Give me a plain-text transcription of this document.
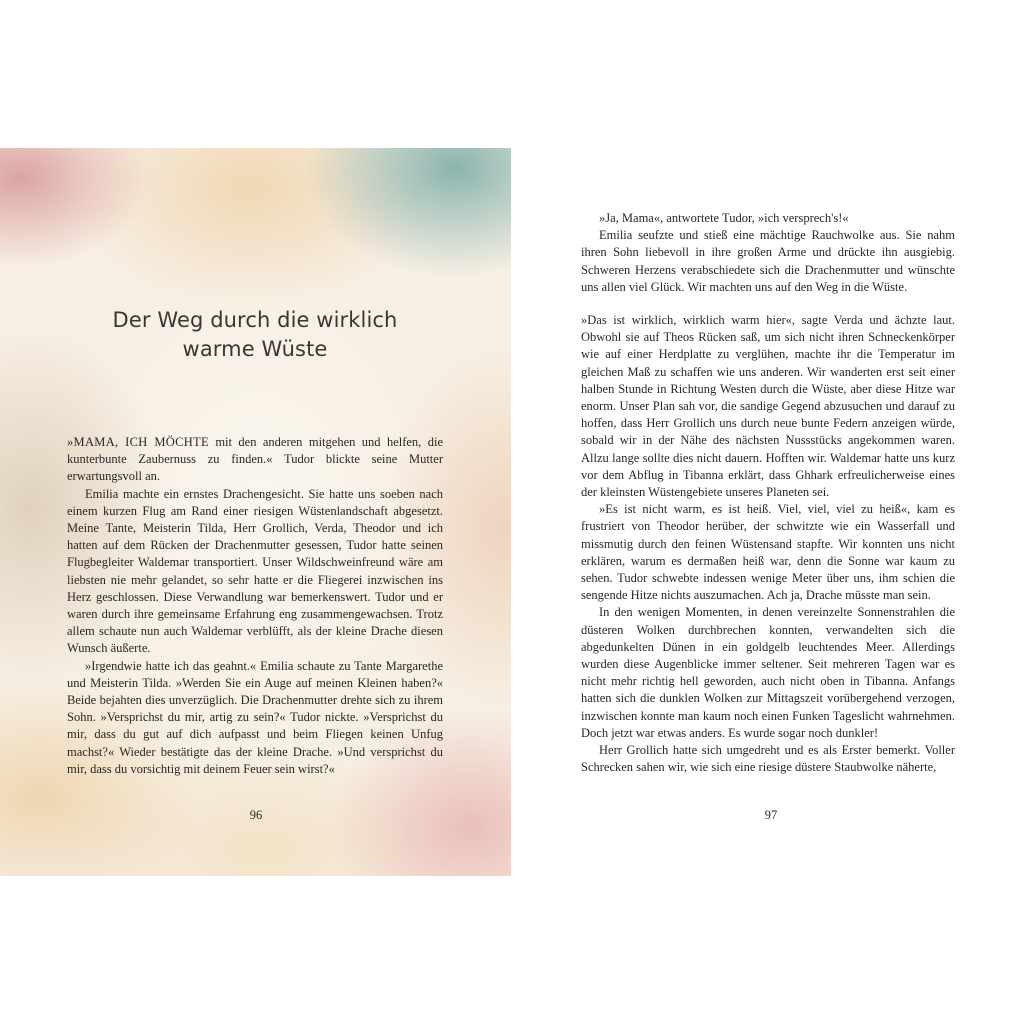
Der Weg durch die wirklich
warme Wüste

»MAMA, ICH MÖCHTE mit den anderen mitgehen und helfen, die kunterbunte Zaubernuss zu finden.« Tudor blickte seine Mutter erwartungsvoll an.

Emilia machte ein ernstes Drachengesicht. Sie hatte uns soeben nach einem kurzen Flug am Rand einer riesigen Wüstenlandschaft abgesetzt. Meine Tante, Meisterin Tilda, Herr Grollich, Verda, Theodor und ich hatten auf dem Rücken der Drachenmutter gesessen, Tudor hatte seinen Flugbegleiter Waldemar transportiert. Unser Wildschweinfreund wäre am liebsten nie mehr gelandet, so sehr hatte er die Fliegerei inzwischen ins Herz geschlossen. Diese Verwandlung war bemerkenswert. Tudor und er waren durch ihre gemeinsame Erfahrung eng zusammengewachsen. Trotz allem schaute nun auch Waldemar verblüfft, als der kleine Drache diesen Wunsch äußerte.

»Irgendwie hatte ich das geahnt.« Emilia schaute zu Tante Margarethe und Meisterin Tilda. »Werden Sie ein Auge auf meinen Kleinen haben?« Beide bejahten dies unverzüglich. Die Drachenmutter drehte sich zu ihrem Sohn. »Versprichst du mir, artig zu sein?« Tudor nickte. »Versprichst du mir, dass du gut auf dich aufpasst und beim Fliegen keinen Unfug machst?« Wieder bestätigte das der kleine Drache. »Und versprichst du mir, dass du vorsichtig mit deinem Feuer sein wirst?«

96

»Ja, Mama«, antwortete Tudor, »ich versprech's!«

Emilia seufzte und stieß eine mächtige Rauchwolke aus. Sie nahm ihren Sohn liebevoll in ihre großen Arme und drückte ihn ausgiebig. Schweren Herzens verabschiedete sich die Drachenmutter und wünschte uns allen viel Glück. Wir machten uns auf den Weg in die Wüste.

»Das ist wirklich, wirklich warm hier«, sagte Verda und ächzte laut. Obwohl sie auf Theos Rücken saß, um sich nicht ihren Schneckenkörper wie auf einer Herdplatte zu verglühen, machte ihr die Temperatur im gleichen Maß zu schaffen wie uns anderen. Wir wanderten erst seit einer halben Stunde in Richtung Westen durch die Wüste, aber diese Hitze war enorm. Unser Plan sah vor, die sandige Gegend abzusuchen und darauf zu hoffen, dass Herr Grollich uns durch neue bunte Federn anzeigen würde, sobald wir in der Nähe des nächsten Nussstücks angekommen waren. Allzu lange sollte dies nicht dauern. Hofften wir. Waldemar hatte uns kurz vor dem Abflug in Tibanna erklärt, dass Ghhark erfreulicherweise eines der kleinsten Wüstengebiete unseres Planeten sei.

»Es ist nicht warm, es ist heiß. Viel, viel, viel zu heiß«, kam es frustriert von Theodor herüber, der schwitzte wie ein Wasserfall und missmutig durch den feinen Wüstensand stapfte. Wir konnten uns nicht erklären, warum es dermaßen heiß war, denn die Sonne war kaum zu sehen. Tudor schwebte indessen wenige Meter über uns, ihm schien die sengende Hitze nichts auszumachen. Ach ja, Drache müsste man sein.

In den wenigen Momenten, in denen vereinzelte Sonnenstrahlen die düsteren Wolken durchbrechen konnten, verwandelten sich die abgedunkelten Dünen in ein goldgelb leuchtendes Meer. Allerdings wurden diese Augenblicke immer seltener. Seit mehreren Tagen war es nicht mehr richtig hell geworden, auch nicht oben in Tibanna. Anfangs hatten sich die dunklen Wolken zur Mittagszeit vorübergehend verzogen, inzwischen konnte man kaum noch einen Funken Tageslicht wahrnehmen. Doch jetzt war etwas anders. Es wurde sogar noch dunkler!

Herr Grollich hatte sich umgedreht und es als Erster bemerkt. Voller Schrecken sahen wir, wie sich eine riesige düstere Staubwolke näherte,

97
